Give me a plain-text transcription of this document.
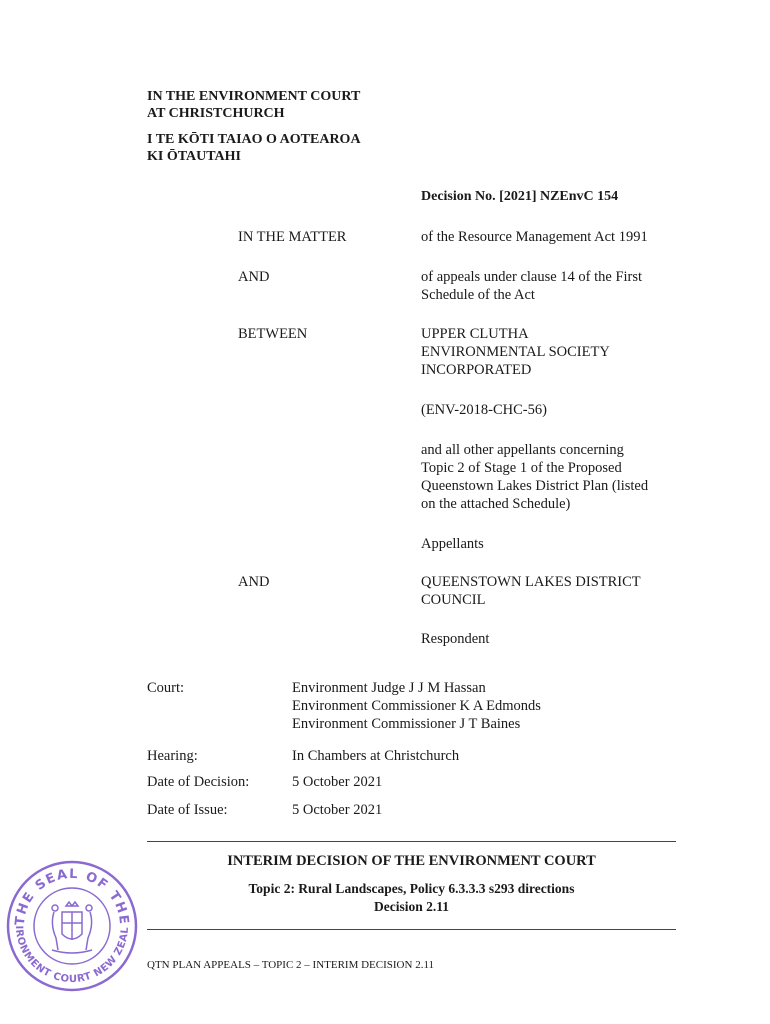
IN THE ENVIRONMENT COURT
AT CHRISTCHURCH
I TE KŌTI TAIAO O AOTEAROA
KI ŌTAUTAHI
Decision No. [2021] NZEnvC 154
IN THE MATTER	of the Resource Management Act 1991
AND	of appeals under clause 14 of the First
Schedule of the Act
BETWEEN	UPPER CLUTHA
ENVIRONMENTAL SOCIETY
INCORPORATED
(ENV-2018-CHC-56)
and all other appellants concerning
Topic 2 of Stage 1 of the Proposed
Queenstown Lakes District Plan (listed
on the attached Schedule)
Appellants
AND	QUEENSTOWN LAKES DISTRICT
COUNCIL
Respondent
Court:	Environment Judge J J M Hassan
Environment Commissioner K A Edmonds
Environment Commissioner J T Baines
Hearing:	In Chambers at Christchurch
Date of Decision:	5 October 2021
Date of Issue:	5 October 2021
INTERIM DECISION OF THE ENVIRONMENT COURT
Topic 2: Rural Landscapes, Policy 6.3.3.3 s293 directions
Decision 2.11
QTN PLAN APPEALS – TOPIC 2 – INTERIM DECISION 2.11
THE SEAL OF THE
IRONMENT COURT NEW ZEAL
